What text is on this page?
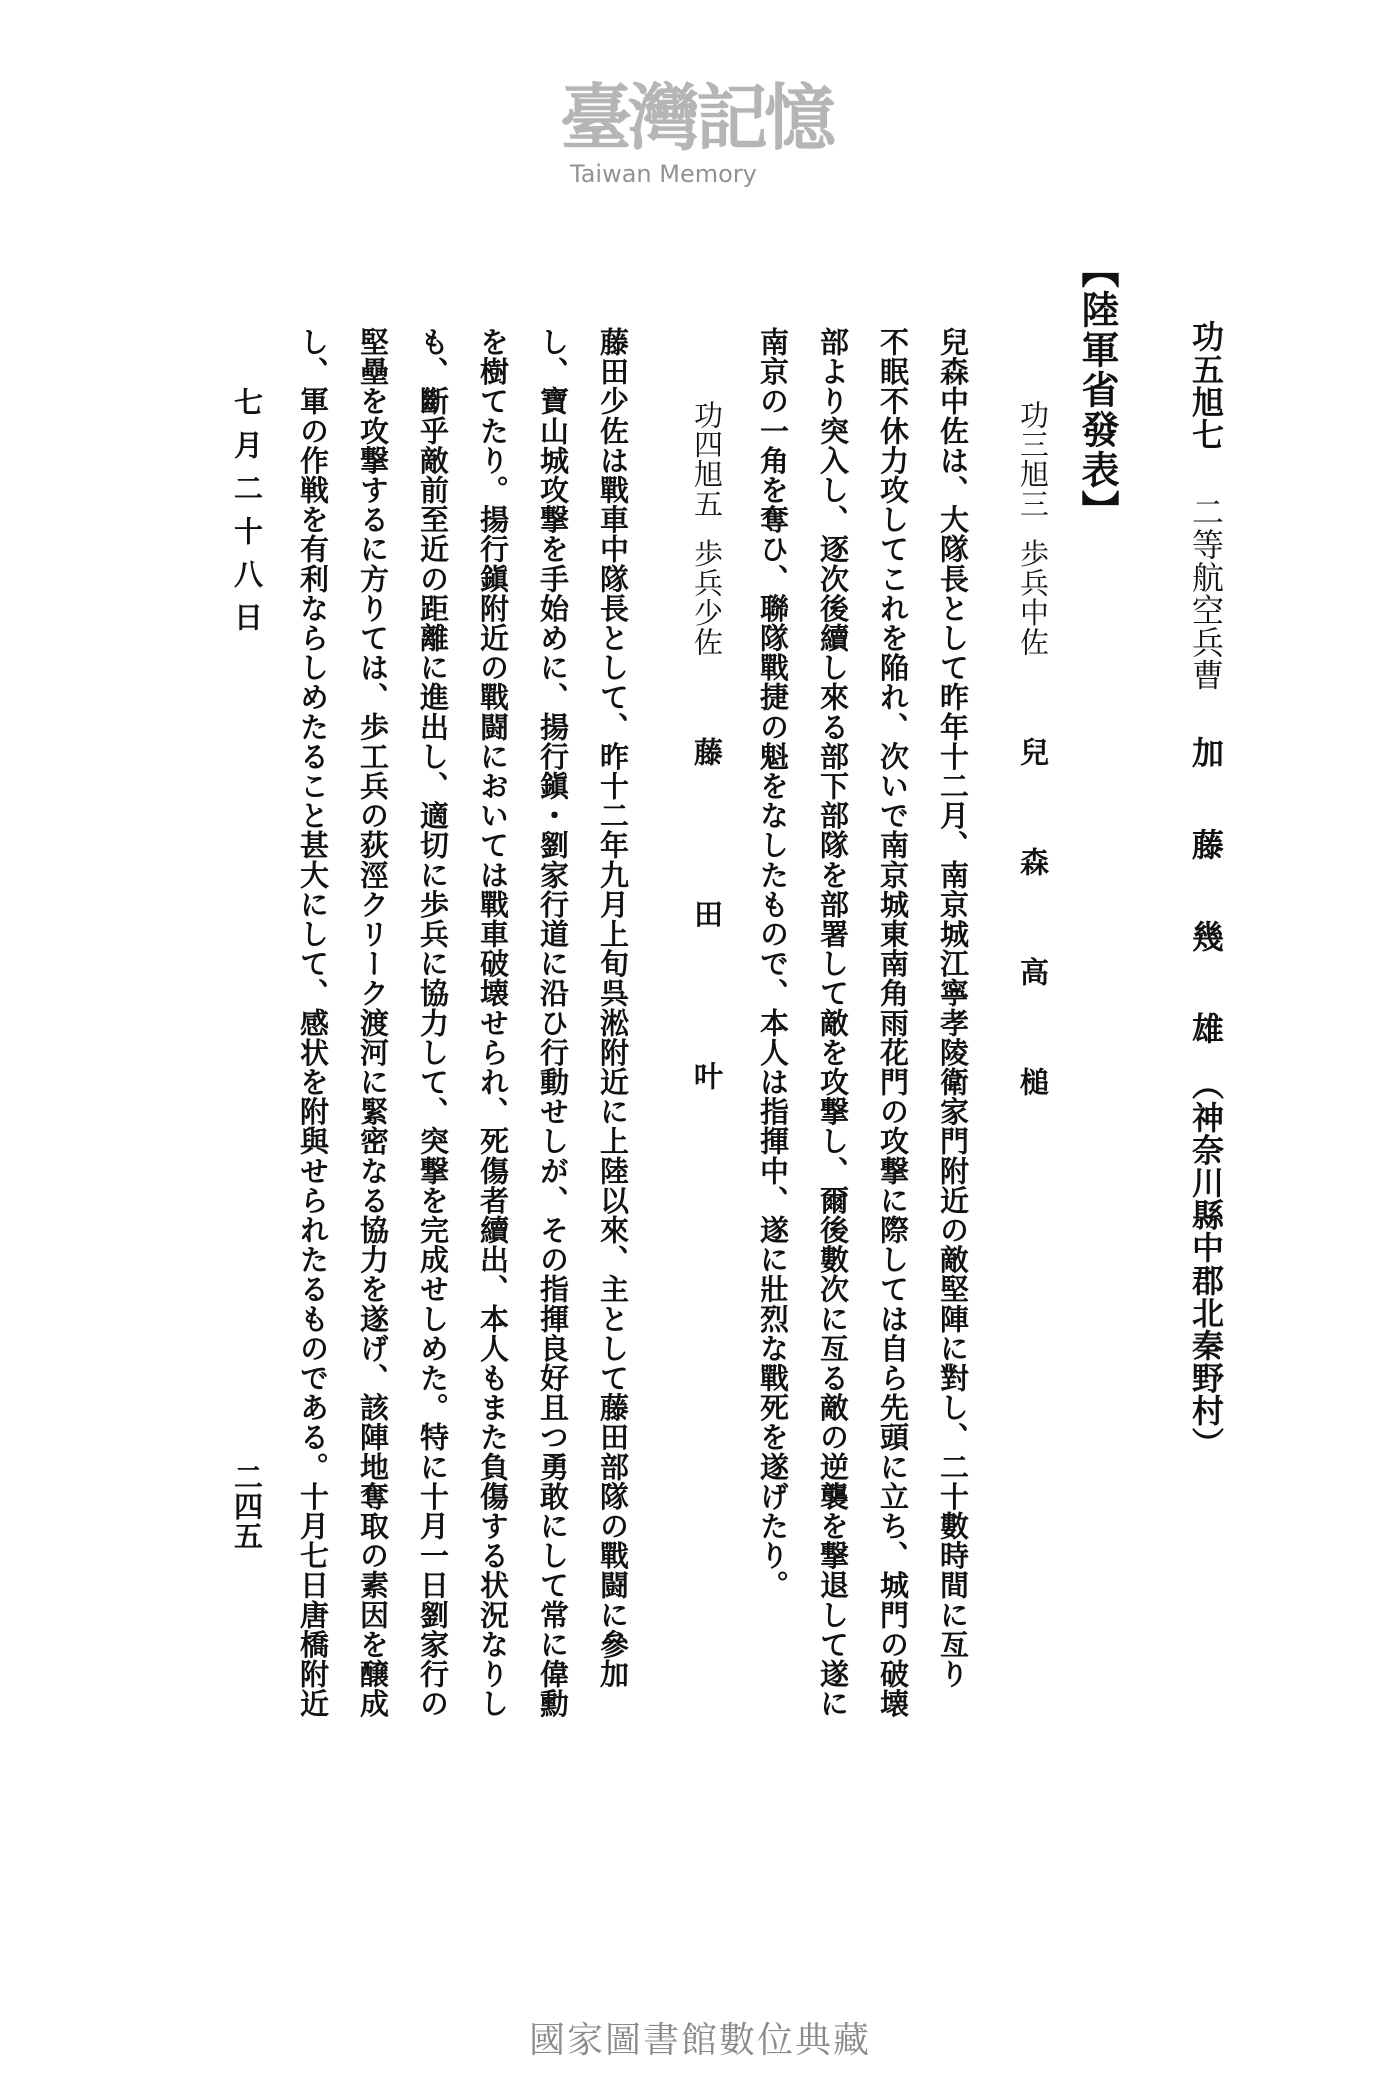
功五旭七二等航空兵曹加　藤　幾　雄（神奈川縣中郡北秦野村）
【陸軍省發表】
功三旭三歩兵中佐兒　森　高　槌
兒森中佐は、大隊長として昨年十二月、南京城江寧孝陵衛家門附近の敵堅陣に對し、二十數時間に亙り
不眠不休力攻してこれを陥れ、次いで南京城東南角雨花門の攻撃に際しては自ら先頭に立ち、城門の破壊
部より突入し、逐次後續し來る部下部隊を部署して敵を攻撃し、爾後數次に亙る敵の逆襲を撃退して遂に
南京の一角を奪ひ、聯隊戰捷の魁をなしたもので、本人は指揮中、遂に壯烈な戰死を遂げたり。
功四旭五歩兵少佐藤　田　叶
藤田少佐は戰車中隊長として、昨十二年九月上旬呉淞附近に上陸以來、主として藤田部隊の戰闘に參加
し、寶山城攻撃を手始めに、揚行鎭・劉家行道に沿ひ行動せしが、その指揮良好且つ勇敢にして常に偉勳
を樹てたり。揚行鎭附近の戰闘においては戰車破壊せられ、死傷者續出、本人もまた負傷する状況なりし
も、斷乎敵前至近の距離に進出し、適切に歩兵に協力して、突撃を完成せしめた。特に十月一日劉家行の
堅壘を攻撃するに方りては、歩工兵の荻涇クリーク渡河に緊密なる協力を遂げ、該陣地奪取の素因を醸成
し、軍の作戦を有利ならしめたること甚大にして、感状を附與せられたるものである。十月七日唐橋附近
七月二十八日
二四五
臺灣記憶
Taiwan Memory
國家圖書館數位典藏
